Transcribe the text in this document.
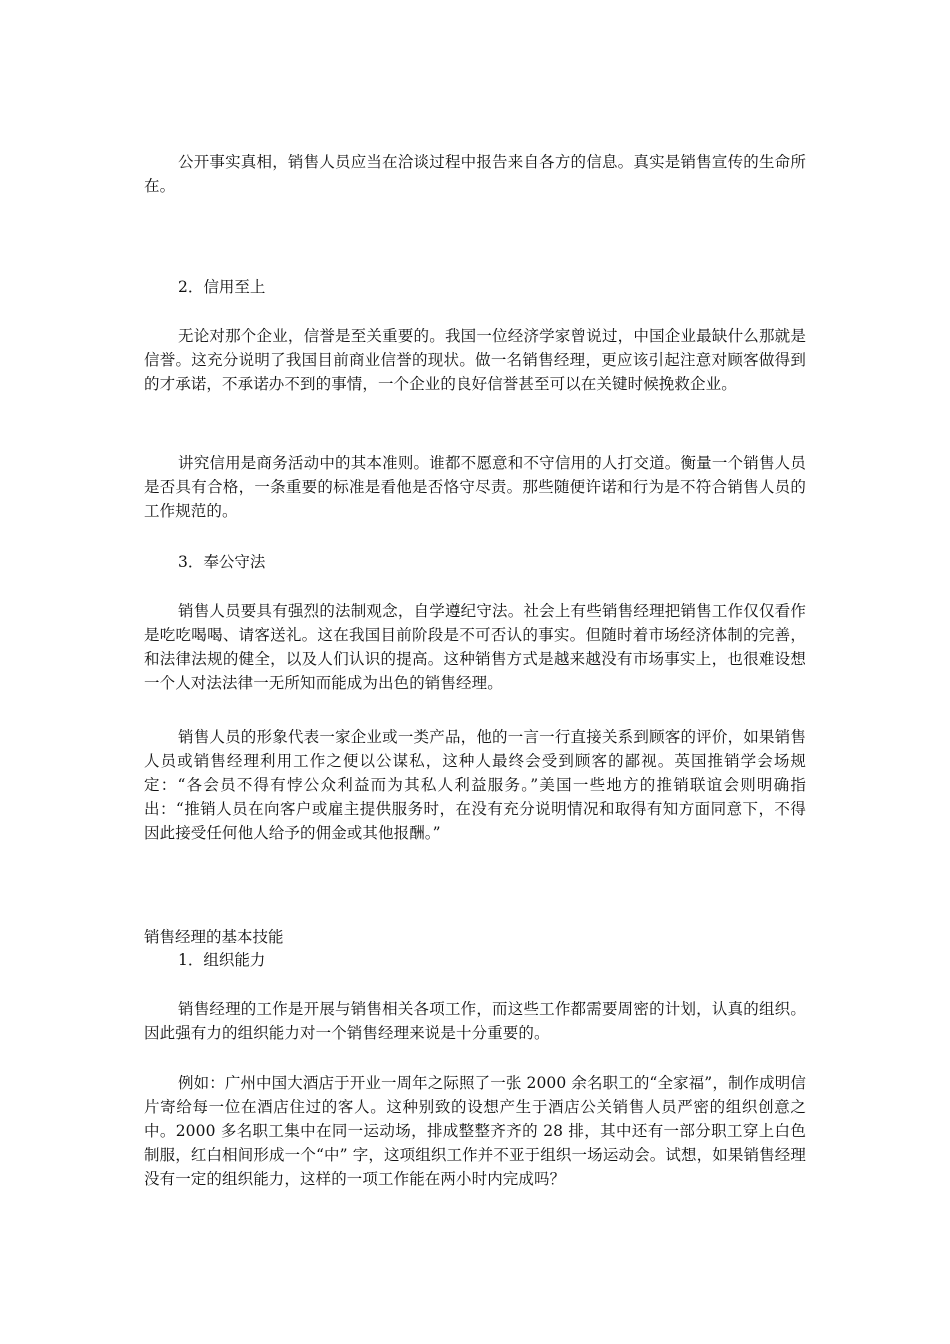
公开事实真相，销售人员应当在洽谈过程中报告来自各方的信息。真实是销售宣传的生命所在。

2．信用至上

无论对那个企业，信誉是至关重要的。我国一位经济学家曾说过，中国企业最缺什么那就是信誉。这充分说明了我国目前商业信誉的现状。做一名销售经理，更应该引起注意对顾客做得到的才承诺，不承诺办不到的事情，一个企业的良好信誉甚至可以在关键时候挽救企业。

讲究信用是商务活动中的其本准则。谁都不愿意和不守信用的人打交道。衡量一个销售人员是否具有合格，一条重要的标准是看他是否恪守尽责。那些随便许诺和行为是不符合销售人员的工作规范的。

3．奉公守法

销售人员要具有强烈的法制观念，自学遵纪守法。社会上有些销售经理把销售工作仅仅看作是吃吃喝喝、请客送礼。这在我国目前阶段是不可否认的事实。但随时着市场经济体制的完善，和法律法规的健全，以及人们认识的提高。这种销售方式是越来越没有市场事实上，也很难设想一个人对法法律一无所知而能成为出色的销售经理。

销售人员的形象代表一家企业或一类产品，他的一言一行直接关系到顾客的评价，如果销售人员或销售经理利用工作之便以公谋私，这种人最终会受到顾客的鄙视。英国推销学会场规定：“各会员不得有悖公众利益而为其私人利益服务。”美国一些地方的推销联谊会则明确指出：“推销人员在向客户或雇主提供服务时，在没有充分说明情况和取得有知方面同意下，不得因此接受任何他人给予的佣金或其他报酬。”

销售经理的基本技能
1．组织能力

销售经理的工作是开展与销售相关各项工作，而这些工作都需要周密的计划，认真的组织。因此强有力的组织能力对一个销售经理来说是十分重要的。

例如：广州中国大酒店于开业一周年之际照了一张 2000 余名职工的“全家福”，制作成明信片寄给每一位在酒店住过的客人。这种别致的设想产生于酒店公关销售人员严密的组织创意之中。2000 多名职工集中在同一运动场，排成整整齐齐的 28 排，其中还有一部分职工穿上白色制服，红白相间形成一个“中” 字，这项组织工作并不亚于组织一场运动会。试想，如果销售经理没有一定的组织能力，这样的一项工作能在两小时内完成吗？
